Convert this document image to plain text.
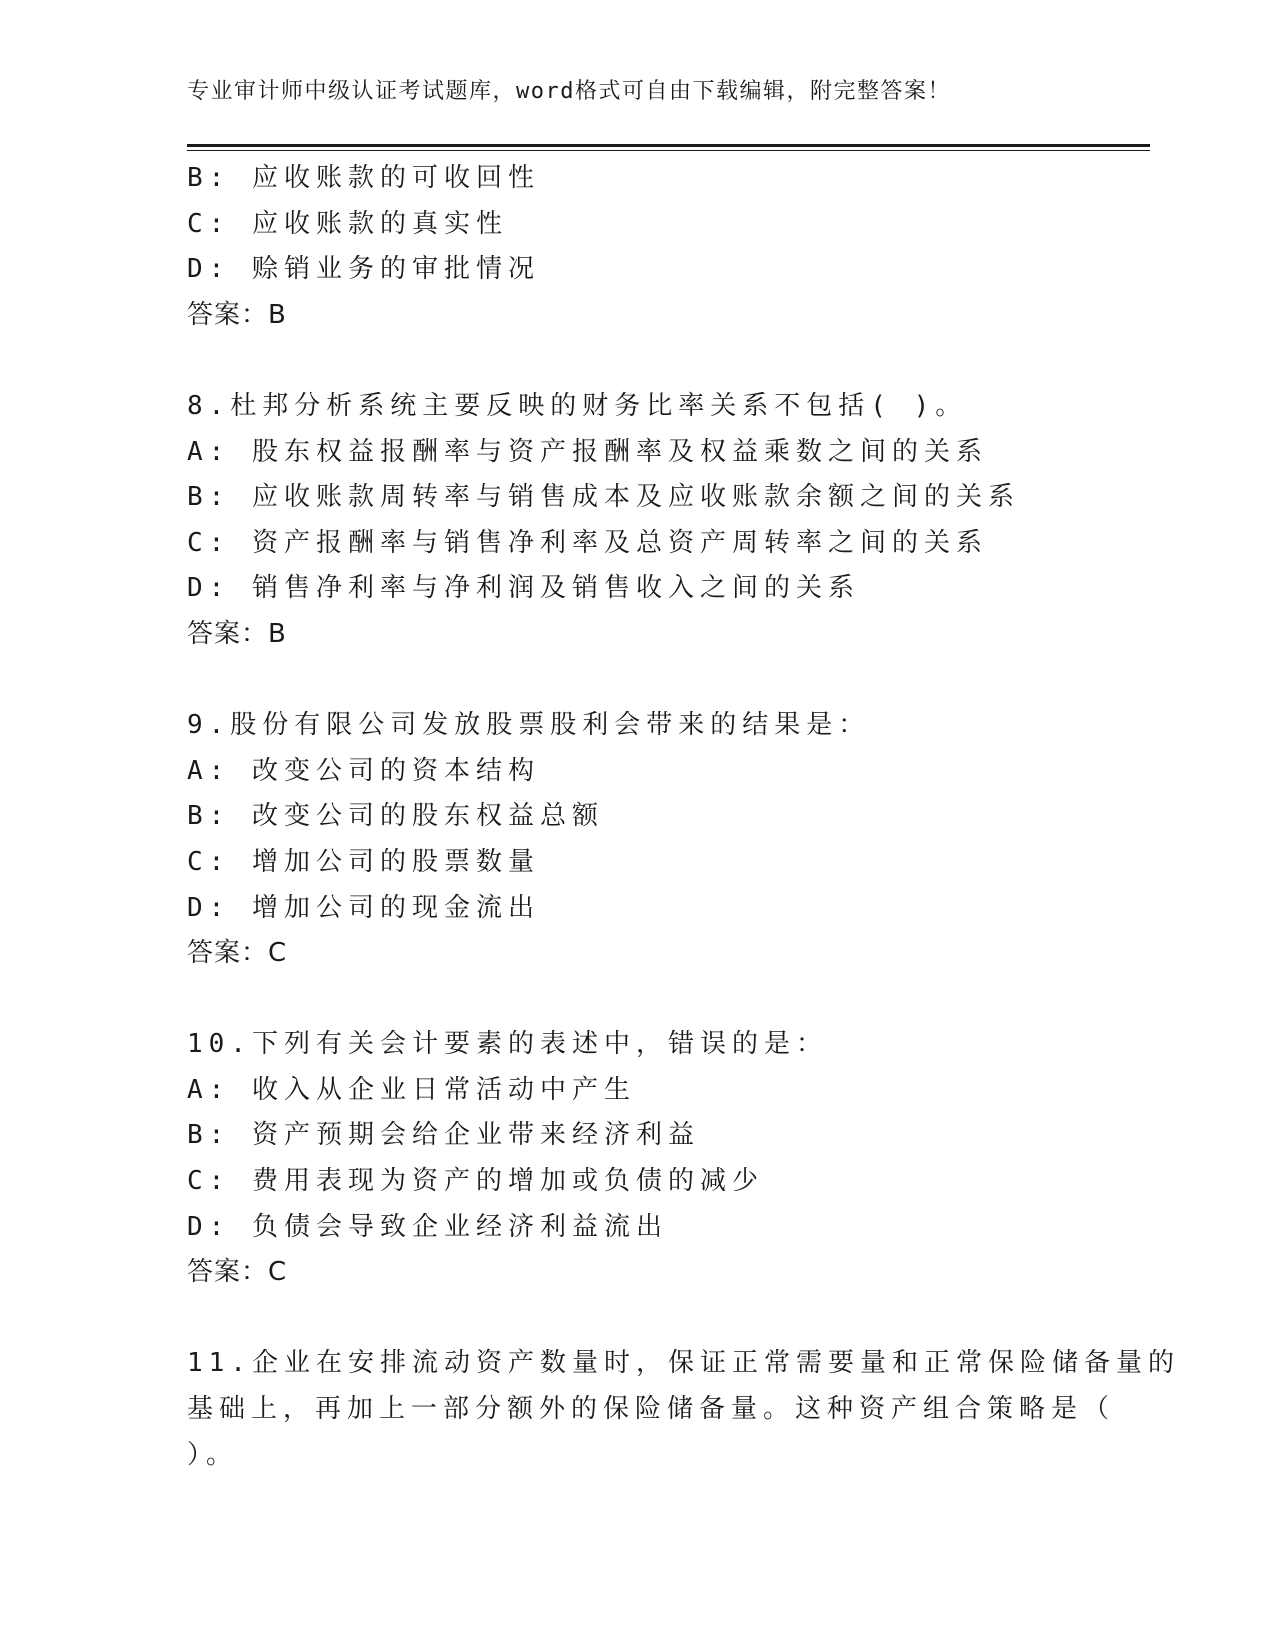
专业审计师中级认证考试题库，word格式可自由下载编辑，附完整答案！
B: 应收账款的可收回性
C: 应收账款的真实性
D: 赊销业务的审批情况
答案：B
8.杜邦分析系统主要反映的财务比率关系不包括( )。
A: 股东权益报酬率与资产报酬率及权益乘数之间的关系
B: 应收账款周转率与销售成本及应收账款余额之间的关系
C: 资产报酬率与销售净利率及总资产周转率之间的关系
D: 销售净利率与净利润及销售收入之间的关系
答案：B
9.股份有限公司发放股票股利会带来的结果是：
A: 改变公司的资本结构
B: 改变公司的股东权益总额
C: 增加公司的股票数量
D: 增加公司的现金流出
答案：C
10.下列有关会计要素的表述中，错误的是：
A: 收入从企业日常活动中产生
B: 资产预期会给企业带来经济利益
C: 费用表现为资产的增加或负债的减少
D: 负债会导致企业经济利益流出
答案：C
11.企业在安排流动资产数量时，保证正常需要量和正常保险储备量的
基础上，再加上一部分额外的保险储备量。这种资产组合策略是（
）。
